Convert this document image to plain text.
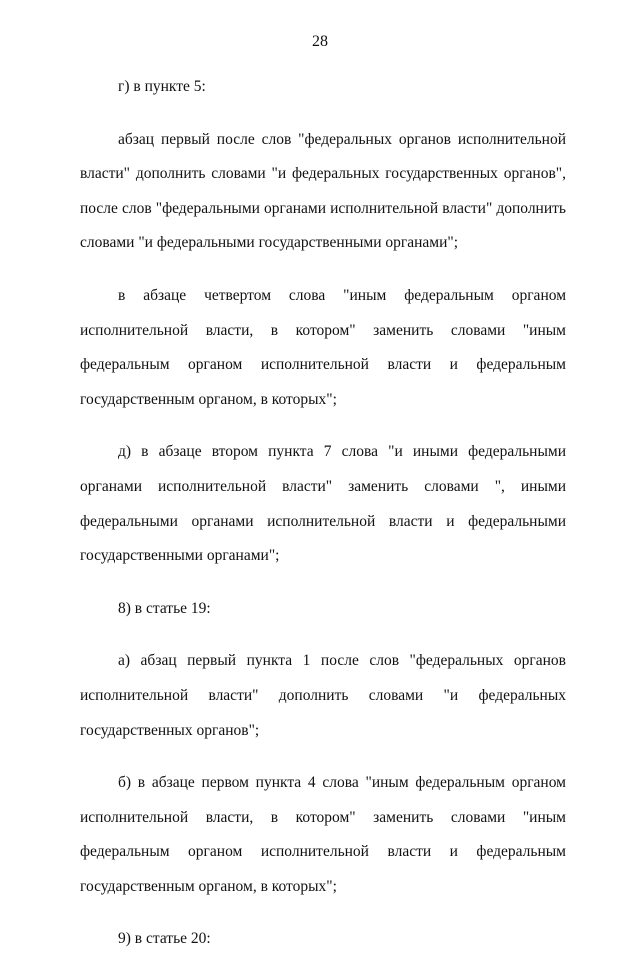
28

г) в пункте 5:

абзац первый после слов "федеральных органов исполнительной власти" дополнить словами "и федеральных государственных органов", после слов "федеральными органами исполнительной власти" дополнить словами "и федеральными государственными органами";

в абзаце четвертом слова "иным федеральным органом исполнительной власти, в котором" заменить словами "иным федеральным органом исполнительной власти и федеральным государственным органом, в которых";

д) в абзаце втором пункта 7 слова "и иными федеральными органами исполнительной власти" заменить словами ", иными федеральными органами исполнительной власти и федеральными государственными органами";

8) в статье 19:

а) абзац первый пункта 1 после слов "федеральных органов исполнительной власти" дополнить словами "и федеральных государственных органов";

б) в абзаце первом пункта 4 слова "иным федеральным органом исполнительной власти, в котором" заменить словами "иным федеральным органом исполнительной власти и федеральным государственным органом, в которых";

9) в статье 20:
